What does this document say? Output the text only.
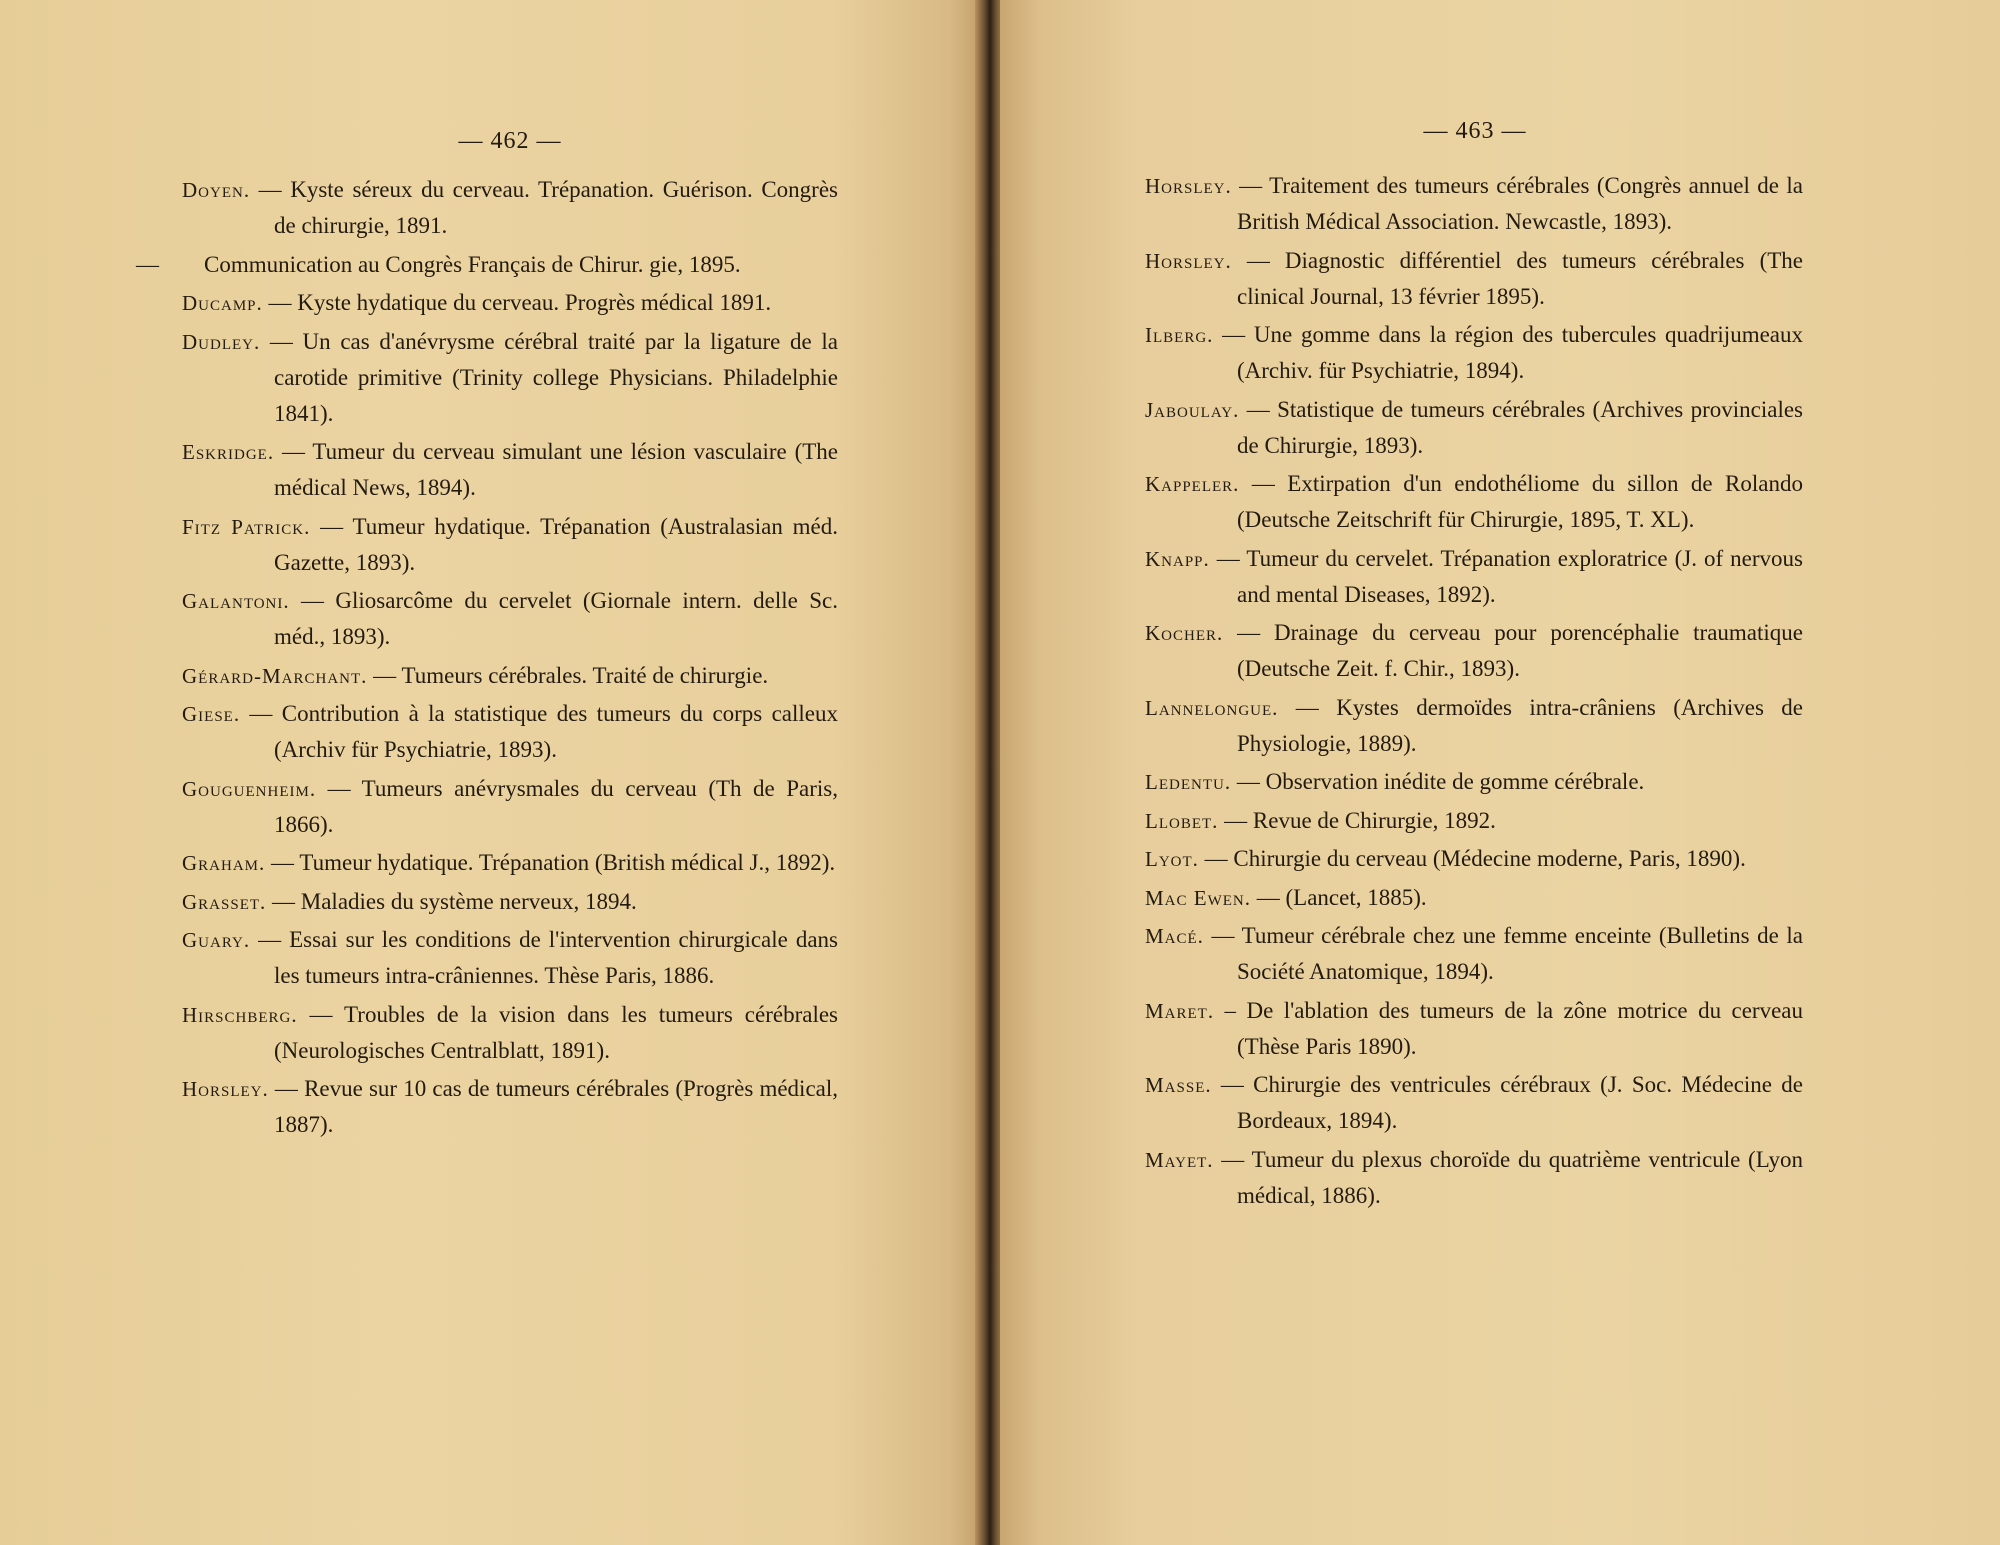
— 462 —
Doyen. — Kyste séreux du cerveau. Trépanation. Guérison. Congrès de chirurgie, 1891.
— Communication au Congrès Français de Chirur. gie, 1895.
Ducamp. — Kyste hydatique du cerveau. Progrès médical 1891.
Dudley. — Un cas d'anévrysme cérébral traité par la ligature de la carotide primitive (Trinity college Physicians. Philadelphie 1841).
Eskridge. — Tumeur du cerveau simulant une lésion vasculaire (The médical News, 1894).
Fitz Patrick. — Tumeur hydatique. Trépanation (Australasian méd. Gazette, 1893).
Galantoni. — Gliosarcôme du cervelet (Giornale intern. delle Sc. méd., 1893).
Gérard-Marchant. — Tumeurs cérébrales. Traité de chirurgie.
Giese. — Contribution à la statistique des tumeurs du corps calleux (Archiv für Psychiatrie, 1893).
Gouguenheim. — Tumeurs anévrysmales du cerveau (Th de Paris, 1866).
Graham. — Tumeur hydatique. Trépanation (British médical J., 1892).
Grasset. — Maladies du système nerveux, 1894.
Guary. — Essai sur les conditions de l'intervention chirurgicale dans les tumeurs intra-crâniennes. Thèse Paris, 1886.
Hirschberg. — Troubles de la vision dans les tumeurs cérébrales (Neurologisches Centralblatt, 1891).
Horsley. — Revue sur 10 cas de tumeurs cérébrales (Progrès médical, 1887).
— 463 —
Horsley. — Traitement des tumeurs cérébrales (Congrès annuel de la British Médical Association. Newcastle, 1893).
Horsley. — Diagnostic différentiel des tumeurs cérébrales (The clinical Journal, 13 février 1895).
Ilberg. — Une gomme dans la région des tubercules quadrijumeaux (Archiv. für Psychiatrie, 1894).
Jaboulay. — Statistique de tumeurs cérébrales (Archives provinciales de Chirurgie, 1893).
Kappeler. — Extirpation d'un endothéliome du sillon de Rolando (Deutsche Zeitschrift für Chirurgie, 1895, T. XL).
Knapp. — Tumeur du cervelet. Trépanation exploratrice (J. of nervous and mental Diseases, 1892).
Kocher. — Drainage du cerveau pour porencéphalie traumatique (Deutsche Zeit. f. Chir., 1893).
Lannelongue. — Kystes dermoïdes intra-crâniens (Archives de Physiologie, 1889).
Ledentu. — Observation inédite de gomme cérébrale.
Llobet. — Revue de Chirurgie, 1892.
Lyot. — Chirurgie du cerveau (Médecine moderne, Paris, 1890).
Mac Ewen. — (Lancet, 1885).
Macé. — Tumeur cérébrale chez une femme enceinte (Bulletins de la Société Anatomique, 1894).
Maret. – De l'ablation des tumeurs de la zône motrice du cerveau (Thèse Paris 1890).
Masse. — Chirurgie des ventricules cérébraux (J. Soc. Médecine de Bordeaux, 1894).
Mayet. — Tumeur du plexus choroïde du quatrième ventricule (Lyon médical, 1886).
